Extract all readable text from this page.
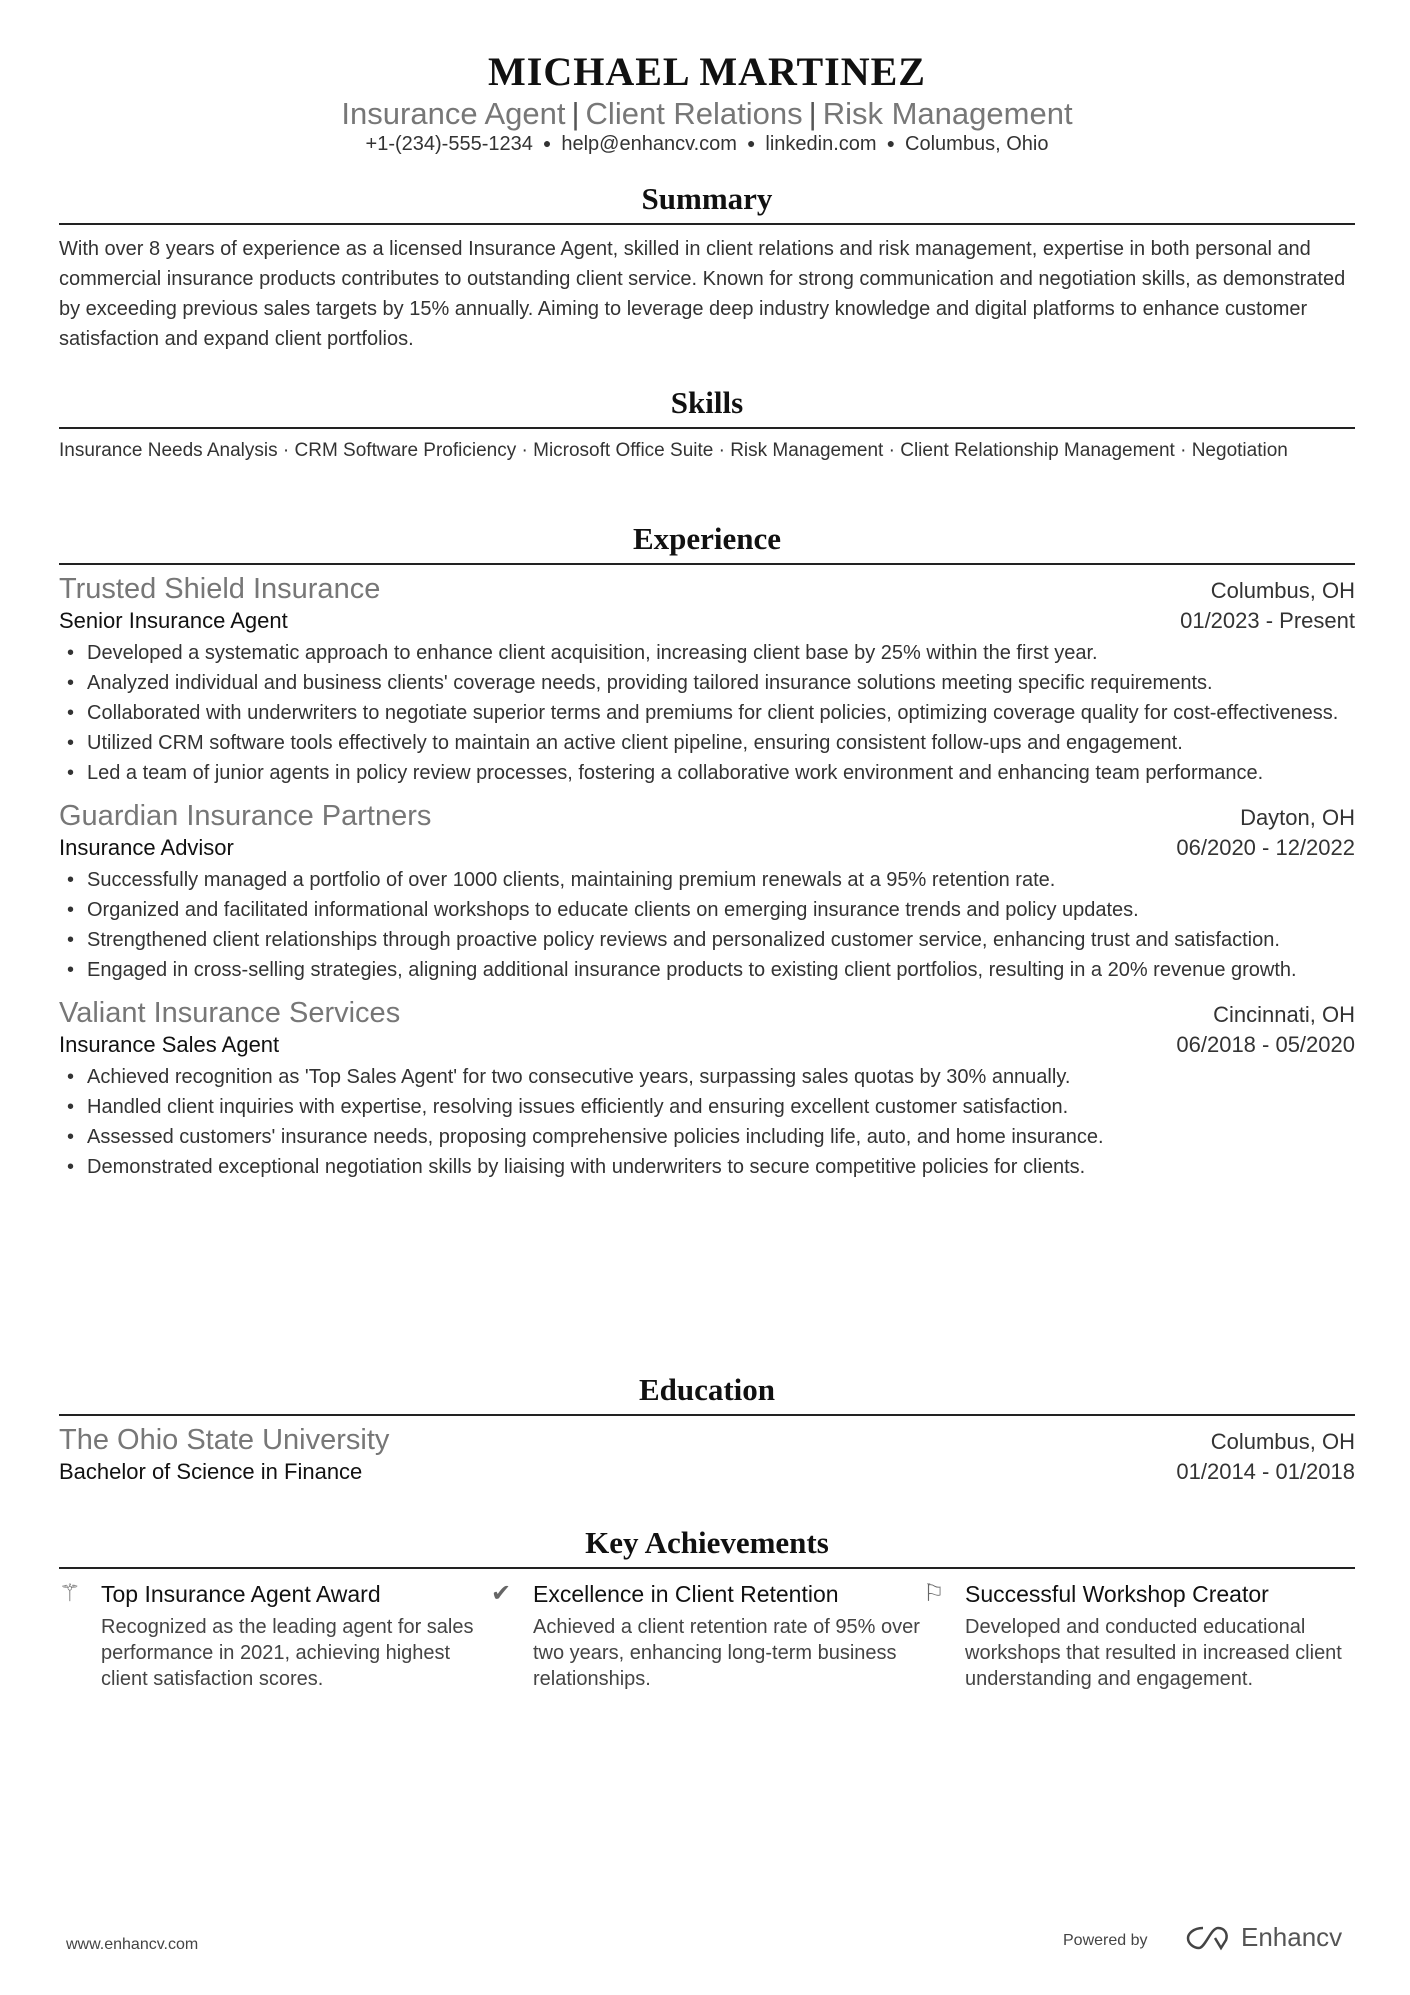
MICHAEL MARTINEZ
Insurance Agent | Client Relations | Risk Management
+1-(234)-555-1234 ● help@enhancv.com ● linkedin.com ● Columbus, Ohio
Summary
With over 8 years of experience as a licensed Insurance Agent, skilled in client relations and risk management, expertise in both personal and commercial insurance products contributes to outstanding client service. Known for strong communication and negotiation skills, as demonstrated by exceeding previous sales targets by 15% annually. Aiming to leverage deep industry knowledge and digital platforms to enhance customer satisfaction and expand client portfolios.
Skills
Insurance Needs Analysis · CRM Software Proficiency · Microsoft Office Suite · Risk Management · Client Relationship Management · Negotiation
Experience
Trusted Shield Insurance	Columbus, OH
Senior Insurance Agent	01/2023 - Present
• Developed a systematic approach to enhance client acquisition, increasing client base by 25% within the first year.
• Analyzed individual and business clients' coverage needs, providing tailored insurance solutions meeting specific requirements.
• Collaborated with underwriters to negotiate superior terms and premiums for client policies, optimizing coverage quality for cost-effectiveness.
• Utilized CRM software tools effectively to maintain an active client pipeline, ensuring consistent follow-ups and engagement.
• Led a team of junior agents in policy review processes, fostering a collaborative work environment and enhancing team performance.
Guardian Insurance Partners	Dayton, OH
Insurance Advisor	06/2020 - 12/2022
• Successfully managed a portfolio of over 1000 clients, maintaining premium renewals at a 95% retention rate.
• Organized and facilitated informational workshops to educate clients on emerging insurance trends and policy updates.
• Strengthened client relationships through proactive policy reviews and personalized customer service, enhancing trust and satisfaction.
• Engaged in cross-selling strategies, aligning additional insurance products to existing client portfolios, resulting in a 20% revenue growth.
Valiant Insurance Services	Cincinnati, OH
Insurance Sales Agent	06/2018 - 05/2020
• Achieved recognition as 'Top Sales Agent' for two consecutive years, surpassing sales quotas by 30% annually.
• Handled client inquiries with expertise, resolving issues efficiently and ensuring excellent customer satisfaction.
• Assessed customers' insurance needs, proposing comprehensive policies including life, auto, and home insurance.
• Demonstrated exceptional negotiation skills by liaising with underwriters to secure competitive policies for clients.
Education
The Ohio State University	Columbus, OH
Bachelor of Science in Finance	01/2014 - 01/2018
Key Achievements
⚚ Top Insurance Agent Award
Recognized as the leading agent for sales performance in 2021, achieving highest client satisfaction scores.
✔ Excellence in Client Retention
Achieved a client retention rate of 95% over two years, enhancing long-term business relationships.
⚐ Successful Workshop Creator
Developed and conducted educational workshops that resulted in increased client understanding and engagement.
www.enhancv.com	Powered by	Enhancv
